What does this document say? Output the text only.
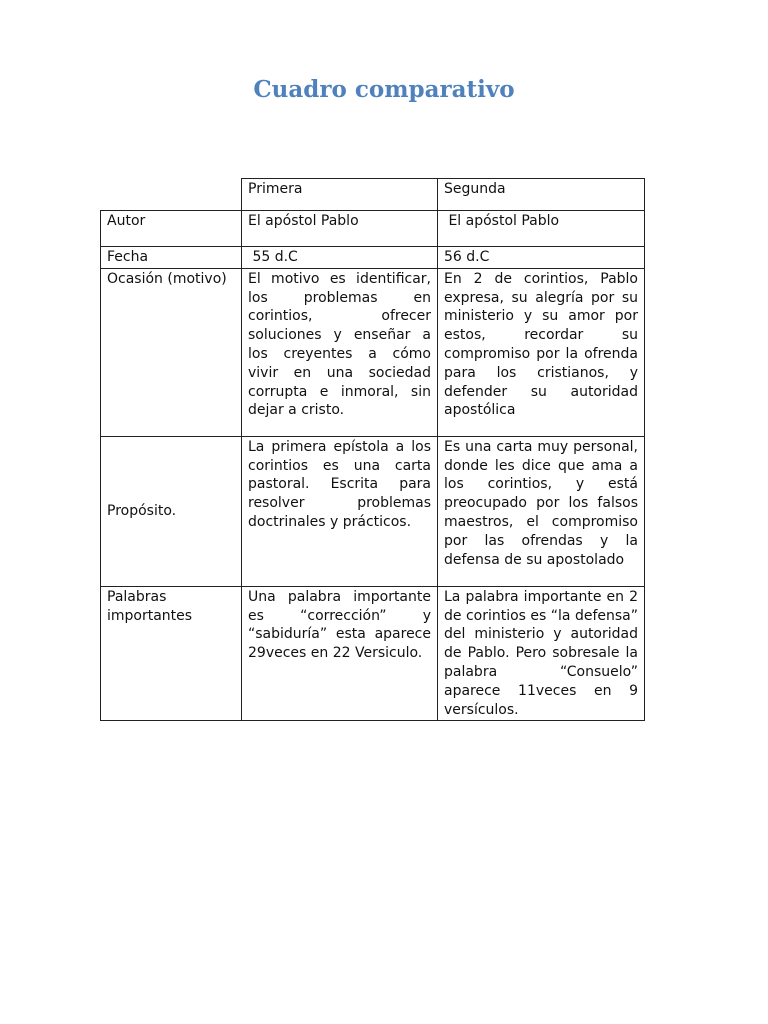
Cuadro comparativo
	Primera	Segunda
Autor	El apóstol Pablo	El apóstol Pablo
Fecha	55 d.C	56 d.C
Ocasión (motivo)	El motivo es identificar, los problemas en corintios, ofrecer soluciones y enseñar a los creyentes a cómo vivir en una sociedad corrupta e inmoral, sin dejar a cristo.	En 2 de corintios, Pablo expresa, su alegría por su ministerio y su amor por estos, recordar su compromiso por la ofrenda para los cristianos, y defender su autoridad apostólica
Propósito.	La primera epístola a los corintios es una carta pastoral. Escrita para resolver problemas doctrinales y prácticos.	Es una carta muy personal, donde les dice que ama a los corintios, y está preocupado por los falsos maestros, el compromiso por las ofrendas y la defensa de su apostolado
Palabras importantes	Una palabra importante es “corrección” y “sabiduría” esta aparece 29veces en 22 Versiculo.	La palabra importante en 2 de corintios es “la defensa” del ministerio y autoridad de Pablo. Pero sobresale la palabra “Consuelo” aparece 11veces en 9 versículos.
